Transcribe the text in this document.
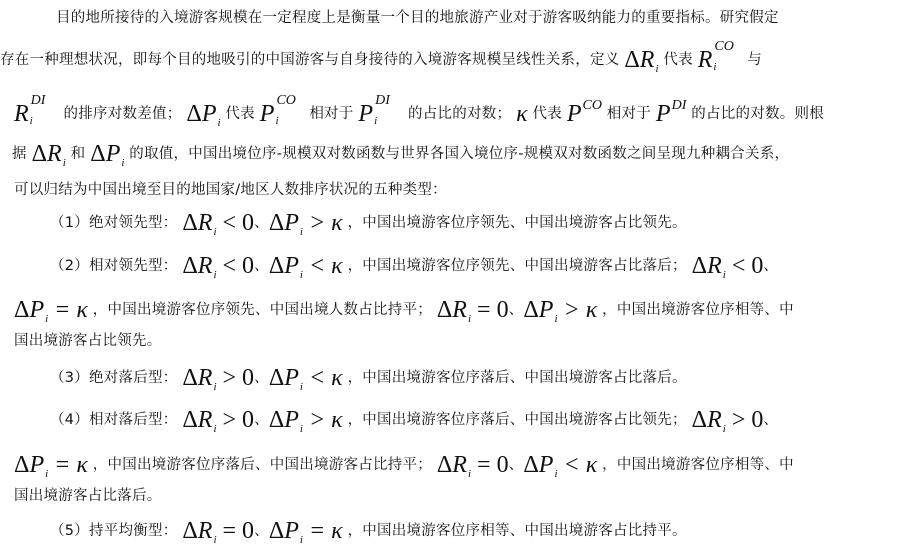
目的地所接待的入境游客规模在一定程度上是衡量一个目的地旅游产业对于游客吸纳能力的重要指标。研究假定
存在一种理想状况，即每个目的地吸引的中国游客与自身接待的入境游客规模呈线性关系，定义 $\Delta R_i$ 代表 R
CO
i 与
R
DI
i 的排序对数差值； $\Delta P_i$ 代表 P
CO
i 相对于 P
DI
i 的占比的对数； κ 代表 $P^{CO}$ 相对于 $P^{DI}$ 的占比的对数。则根
据 $\Delta R_i$ 和 $\Delta P_i$ 的取值，中国出境位序-规模双对数函数与世界各国入境位序-规模双对数函数之间呈现九种耦合关系，
可以归结为中国出境至目的地国家/地区人数排序状况的五种类型：
（1）绝对领先型： $\Delta R_i < 0$、$\Delta P_i > \kappa$ ，中国出境游客位序领先、中国出境游客占比领先。
（2）相对领先型： $\Delta R_i < 0$、$\Delta P_i < \kappa$ ，中国出境游客位序领先、中国出境游客占比落后； $\Delta R_i < 0$、
$\Delta P_i = \kappa$ ，中国出境游客位序领先、中国出境人数占比持平； $\Delta R_i = 0$、$\Delta P_i > \kappa$ ，中国出境游客位序相等、中
国出境游客占比领先。
（3）绝对落后型： $\Delta R_i > 0$、$\Delta P_i < \kappa$ ，中国出境游客位序落后、中国出境游客占比落后。
（4）相对落后型： $\Delta R_i > 0$、$\Delta P_i > \kappa$ ，中国出境游客位序落后、中国出境游客占比领先； $\Delta R_i > 0$、
$\Delta P_i = \kappa$ ，中国出境游客位序落后、中国出境游客占比持平； $\Delta R_i = 0$、$\Delta P_i < \kappa$ ，中国出境游客位序相等、中
国出境游客占比落后。
（5）持平均衡型： $\Delta R_i = 0$、$\Delta P_i = \kappa$ ，中国出境游客位序相等、中国出境游客占比持平。
